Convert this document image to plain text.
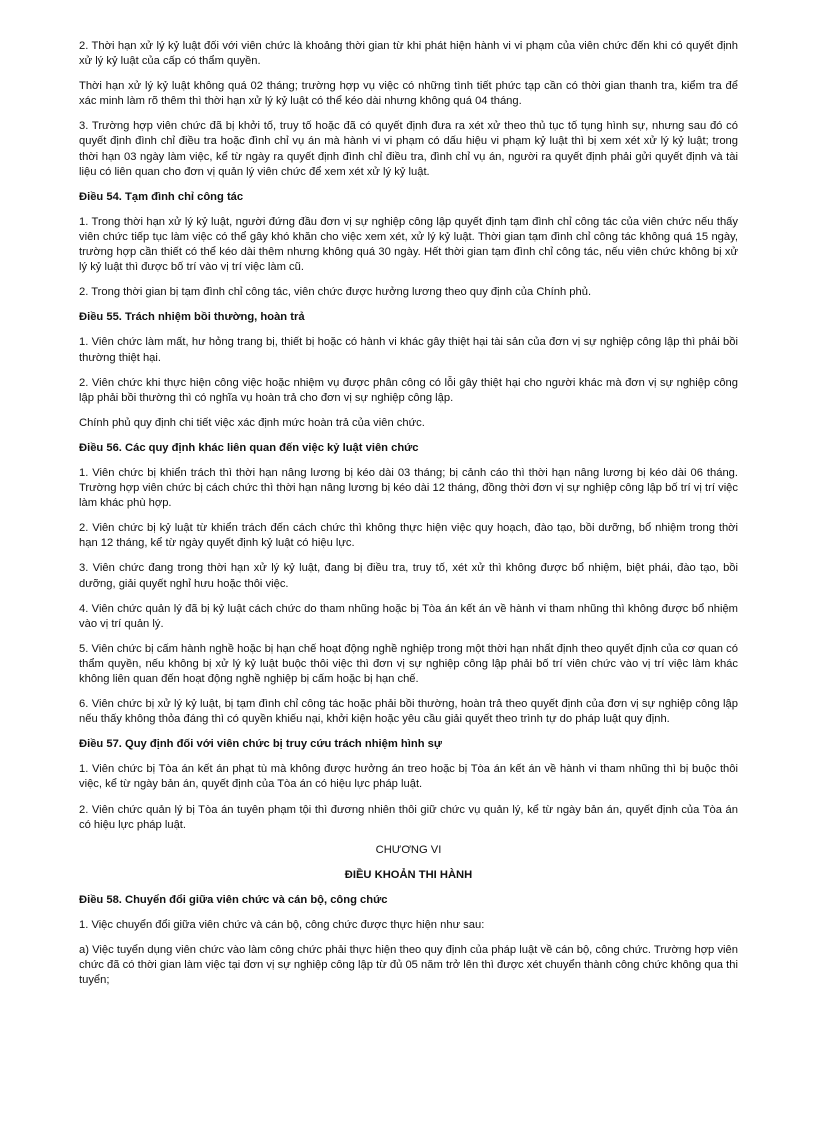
2. Thời hạn xử lý kỷ luật đối với viên chức là khoảng thời gian từ khi phát hiện hành vi vi phạm của viên chức đến khi có quyết định xử lý kỷ luật của cấp có thẩm quyền.

Thời hạn xử lý kỷ luật không quá 02 tháng; trường hợp vụ việc có những tình tiết phức tạp cần có thời gian thanh tra, kiểm tra để xác minh làm rõ thêm thì thời hạn xử lý kỷ luật có thể kéo dài nhưng không quá 04 tháng.

3. Trường hợp viên chức đã bị khởi tố, truy tố hoặc đã có quyết định đưa ra xét xử theo thủ tục tố tụng hình sự, nhưng sau đó có quyết định đình chỉ điều tra hoặc đình chỉ vụ án mà hành vi vi phạm có dấu hiệu vi phạm kỷ luật thì bị xem xét xử lý kỷ luật; trong thời hạn 03 ngày làm việc, kể từ ngày ra quyết định đình chỉ điều tra, đình chỉ vụ án, người ra quyết định phải gửi quyết định và tài liệu có liên quan cho đơn vị quản lý viên chức để xem xét xử lý kỷ luật.

Điều 54. Tạm đình chỉ công tác

1. Trong thời hạn xử lý kỷ luật, người đứng đầu đơn vị sự nghiệp công lập quyết định tạm đình chỉ công tác của viên chức nếu thấy viên chức tiếp tục làm việc có thể gây khó khăn cho việc xem xét, xử lý kỷ luật. Thời gian tạm đình chỉ công tác không quá 15 ngày, trường hợp cần thiết có thể kéo dài thêm nhưng không quá 30 ngày. Hết thời gian tạm đình chỉ công tác, nếu viên chức không bị xử lý kỷ luật thì được bố trí vào vị trí việc làm cũ.

2. Trong thời gian bị tạm đình chỉ công tác, viên chức được hưởng lương theo quy định của Chính phủ.

Điều 55. Trách nhiệm bồi thường, hoàn trả

1. Viên chức làm mất, hư hỏng trang bị, thiết bị hoặc có hành vi khác gây thiệt hại tài sản của đơn vị sự nghiệp công lập thì phải bồi thường thiệt hại.

2. Viên chức khi thực hiện công việc hoặc nhiệm vụ được phân công có lỗi gây thiệt hại cho người khác mà đơn vị sự nghiệp công lập phải bồi thường thì có nghĩa vụ hoàn trả cho đơn vị sự nghiệp công lập.

Chính phủ quy định chi tiết việc xác định mức hoàn trả của viên chức.

Điều 56. Các quy định khác liên quan đến việc kỷ luật viên chức

1. Viên chức bị khiển trách thì thời hạn nâng lương bị kéo dài 03 tháng; bị cảnh cáo thì thời hạn nâng lương bị kéo dài 06 tháng. Trường hợp viên chức bị cách chức thì thời hạn nâng lương bị kéo dài 12 tháng, đồng thời đơn vị sự nghiệp công lập bố trí vị trí việc làm khác phù hợp.

2. Viên chức bị kỷ luật từ khiển trách đến cách chức thì không thực hiện việc quy hoạch, đào tạo, bồi dưỡng, bổ nhiệm trong thời hạn 12 tháng, kể từ ngày quyết định kỷ luật có hiệu lực.

3. Viên chức đang trong thời hạn xử lý kỷ luật, đang bị điều tra, truy tố, xét xử thì không được bổ nhiệm, biệt phái, đào tạo, bồi dưỡng, giải quyết nghỉ hưu hoặc thôi việc.

4. Viên chức quản lý đã bị kỷ luật cách chức do tham nhũng hoặc bị Tòa án kết án về hành vi tham nhũng thì không được bổ nhiệm vào vị trí quản lý.

5. Viên chức bị cấm hành nghề hoặc bị hạn chế hoạt động nghề nghiệp trong một thời hạn nhất định theo quyết định của cơ quan có thẩm quyền, nếu không bị xử lý kỷ luật buộc thôi việc thì đơn vị sự nghiệp công lập phải bố trí viên chức vào vị trí việc làm khác không liên quan đến hoạt động nghề nghiệp bị cấm hoặc bị hạn chế.

6. Viên chức bị xử lý kỷ luật, bị tạm đình chỉ công tác hoặc phải bồi thường, hoàn trả theo quyết định của đơn vị sự nghiệp công lập nếu thấy không thỏa đáng thì có quyền khiếu nại, khởi kiện hoặc yêu cầu giải quyết theo trình tự do pháp luật quy định.

Điều 57. Quy định đối với viên chức bị truy cứu trách nhiệm hình sự

1. Viên chức bị Tòa án kết án phạt tù mà không được hưởng án treo hoặc bị Tòa án kết án về hành vi tham nhũng thì bị buộc thôi việc, kể từ ngày bản án, quyết định của Tòa án có hiệu lực pháp luật.

2. Viên chức quản lý bị Tòa án tuyên phạm tội thì đương nhiên thôi giữ chức vụ quản lý, kể từ ngày bản án, quyết định của Tòa án có hiệu lực pháp luật.

CHƯƠNG VI
ĐIỀU KHOẢN THI HÀNH
Điều 58. Chuyển đổi giữa viên chức và cán bộ, công chức

1. Việc chuyển đổi giữa viên chức và cán bộ, công chức được thực hiện như sau:

a) Việc tuyển dụng viên chức vào làm công chức phải thực hiện theo quy định của pháp luật về cán bộ, công chức. Trường hợp viên chức đã có thời gian làm việc tại đơn vị sự nghiệp công lập từ đủ 05 năm trở lên thì được xét chuyển thành công chức không qua thi tuyển;
